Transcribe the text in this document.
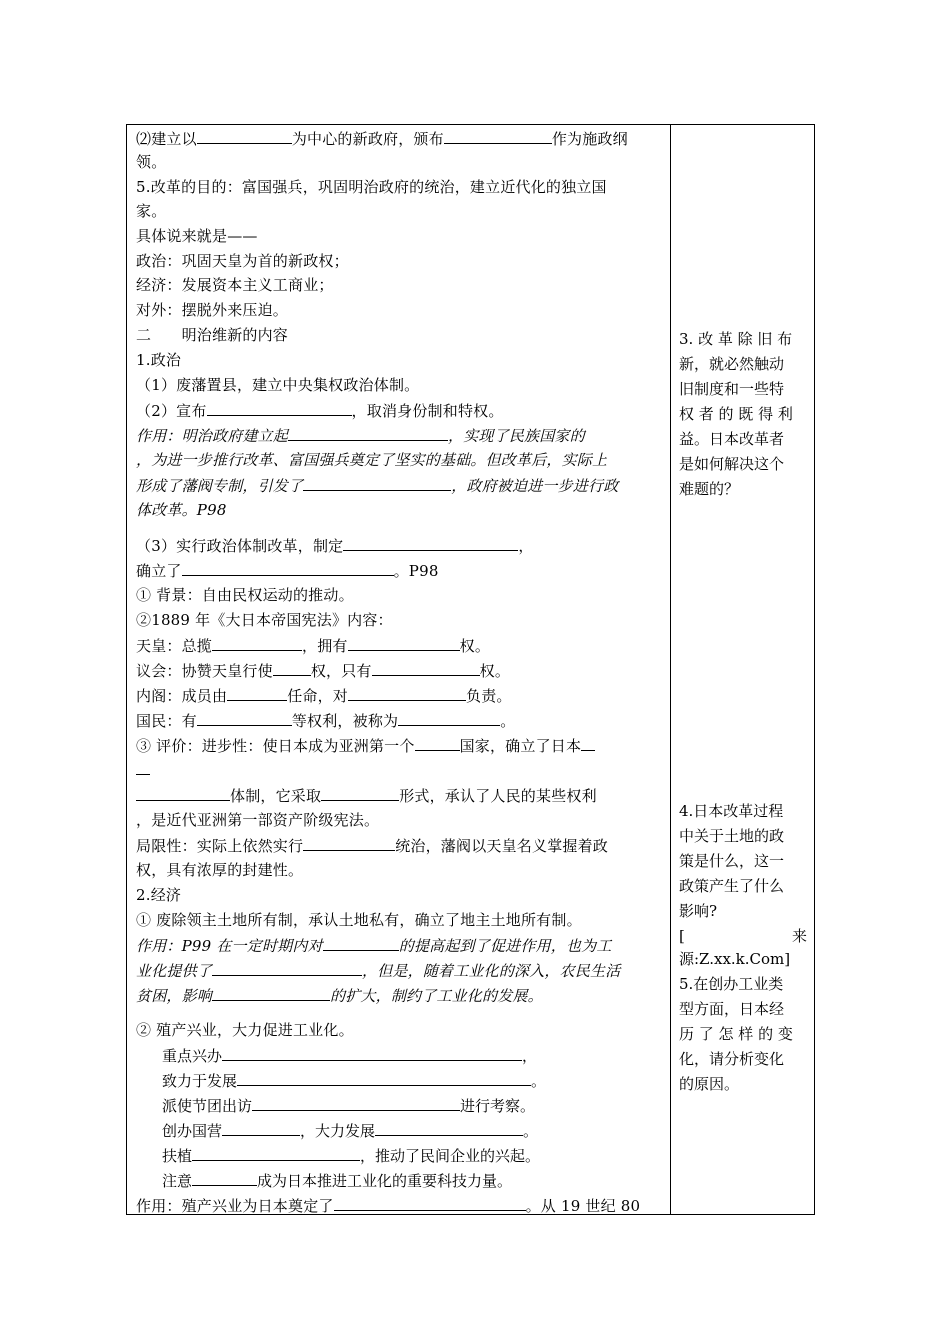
⑵建立以	为中心的新政府，颁布	作为施政纲
领。
5.改革的目的：富国强兵，巩固明治政府的统治，建立近代化的独立国
家。
具体说来就是——
政治：巩固天皇为首的新政权；
经济：发展资本主义工商业；
对外：摆脱外来压迫。
二　　明治维新的内容
1.政治
（1）废藩置县，建立中央集权政治体制。
（2）宣布	，取消身份制和特权。
作用：明治政府建立起	，实现了民族国家的
，为进一步推行改革、富国强兵奠定了坚实的基础。但改革后，实际上
形成了藩阀专制，引发了	，政府被迫进一步进行政
体改革。P98
（3）实行政治体制改革，制定	，
确立了	。P98
① 背景：自由民权运动的推动。
②1889 年《大日本帝国宪法》内容：
天皇：总揽	，拥有	权。
议会：协赞天皇行使	权，只有	权。
内阁：成员由	任命，对	负责。
国民：有	等权利，被称为	。
③ 评价：进步性：使日本成为亚洲第一个	国家，确立了日本
体制，它采取	形式，承认了人民的某些权利
，是近代亚洲第一部资产阶级宪法。
局限性：实际上依然实行	统治，藩阀以天皇名义掌握着政
权，具有浓厚的封建性。
2.经济
① 废除领主土地所有制，承认土地私有，确立了地主土地所有制。
作用：P99 在一定时期内对	的提高起到了促进作用，也为工
业化提供了	，但是，随着工业化的深入，农民生活
贫困，影响	的扩大，制约了工业化的发展。
② 殖产兴业，大力促进工业化。
重点兴办	，
致力于发展	。
派使节团出访	进行考察。
创办国营	，大力发展	。
扶植	，推动了民间企业的兴起。
注意	成为日本推进工业化的重要科技力量。
作用：殖产兴业为日本奠定了	。从 19 世纪 80
3. 改 革 除 旧 布
新，就必然触动
旧制度和一些特
权 者 的 既 得 利
益。日本改革者
是如何解决这个
难题的？
4.日本改革过程
中关于土地的政
策是什么，这一
政策产生了什么
影响?
[	来
源:Z.xx.k.Com]
5.在创办工业类
型方面，日本经
历 了 怎 样 的 变
化，请分析变化
的原因。
